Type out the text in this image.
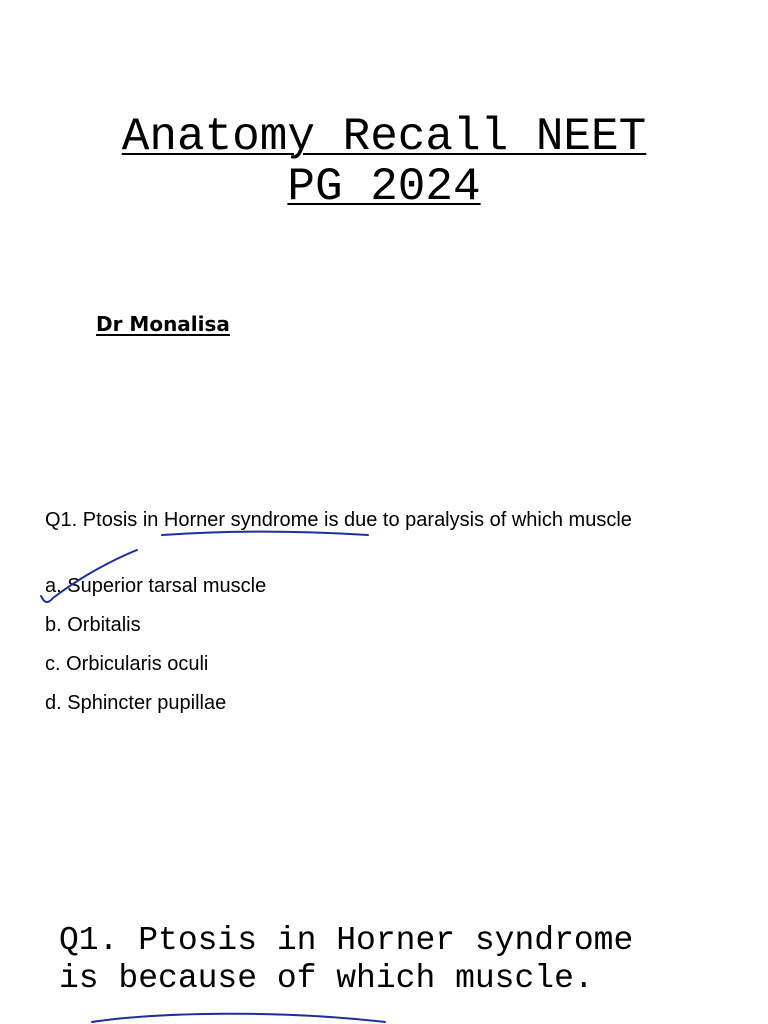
Anatomy Recall NEET
PG 2024
Dr Monalisa
Q1. Ptosis in Horner syndrome is due to paralysis of which muscle
a. Superior tarsal muscle
b. Orbitalis
c. Orbicularis oculi
d. Sphincter pupillae
Q1. Ptosis in Horner syndrome
is because of which muscle.
